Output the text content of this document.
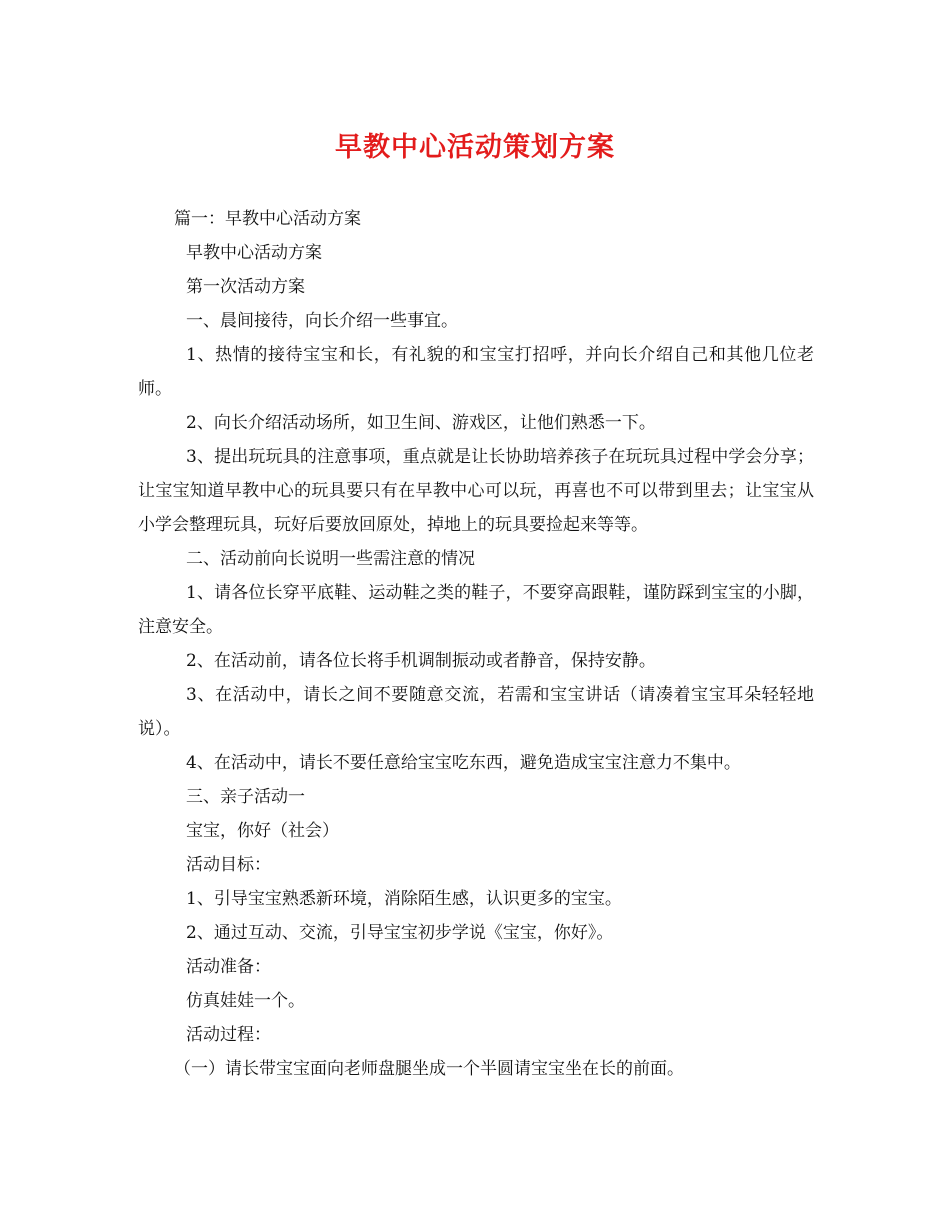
早教中心活动策划方案

篇一：早教中心活动方案

早教中心活动方案

第一次活动方案

一、晨间接待，向长介绍一些事宜。

1、热情的接待宝宝和长，有礼貌的和宝宝打招呼，并向长介绍自己和其他几位老师。

2、向长介绍活动场所，如卫生间、游戏区，让他们熟悉一下。

3、提出玩玩具的注意事项，重点就是让长协助培养孩子在玩玩具过程中学会分享；让宝宝知道早教中心的玩具要只有在早教中心可以玩，再喜也不可以带到里去；让宝宝从小学会整理玩具，玩好后要放回原处，掉地上的玩具要捡起来等等。

二、活动前向长说明一些需注意的情况

1、请各位长穿平底鞋、运动鞋之类的鞋子，不要穿高跟鞋，谨防踩到宝宝的小脚，注意安全。

2、在活动前，请各位长将手机调制振动或者静音，保持安静。

3、在活动中，请长之间不要随意交流，若需和宝宝讲话（请凑着宝宝耳朵轻轻地说）。

4、在活动中，请长不要任意给宝宝吃东西，避免造成宝宝注意力不集中。

三、亲子活动一

宝宝，你好（社会）

活动目标：

1、引导宝宝熟悉新环境，消除陌生感，认识更多的宝宝。

2、通过互动、交流，引导宝宝初步学说《宝宝，你好》。

活动准备：

仿真娃娃一个。

活动过程：

（一）请长带宝宝面向老师盘腿坐成一个半圆请宝宝坐在长的前面。
